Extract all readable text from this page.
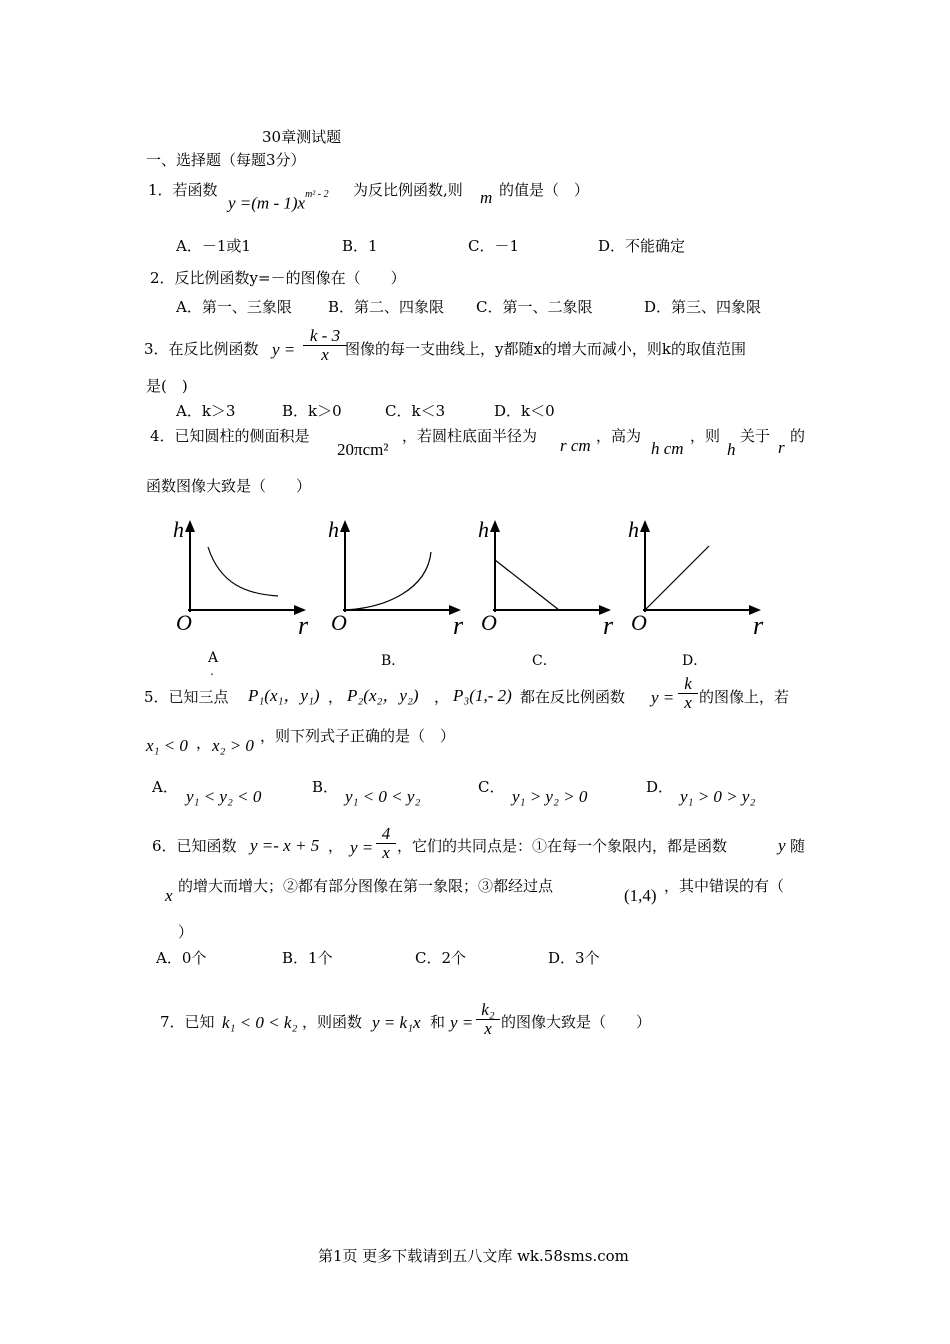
30章测试题
一、选择题（每题3分）
1．若函数
$y =(m - 1)x^{m^2 - 2}$ 为反比例函数,则 m 的值是（　）
A．－1或1	B．1	C．－1	D．不能确定
2．反比例函数y=－的图像在（　　）
A．第一、三象限 B．第二、四象限 C．第一、二象限	D．第三、四象限
3．在反比例函数 $y = \frac{k - 3}{x}$
图像的每一支曲线上，y都随x的增大而减小，则k的取值范围
是(　)
A．k＞3	B．k＞0	C．k＜3	D．k＜0
4．已知圆柱的侧面积是
20πcm²
，若圆柱底面半径为 r cm ，高为
h cm
，则
h
关于
r
的
函数图像大致是（　　）
h
O	r
h
O	r
h
O	r
h
O	r
A
.
B．	C．	D．
5．已知三点 P₁(x₁，y₁) ， P₂(x₂，y₂) ， P₃(1,- 2) 都在反比例函数 $y = \frac{k}{x}$ 的图像上，若
x₁ < 0 ， x₂ > 0 ，则下列式子正确的是（　）
A． y₁ < y₂ < 0	B． y₁ < 0 < y₂	C． y₁ > y₂ > 0	D． y₁ > 0 > y₂
6．已知函数 y =- x + 5 ， $y = \frac{4}{x}$ ，它们的共同点是：①在每一个象限内，都是函数	y 随
x 的增大而增大；②都有部分图像在第一象限；③都经过点	(1,4) ，其中错误的有（
）
A．0个	B．1个	C．2个	D．3个
7．已知 k₁ < 0 < k₂ ，则函数 y = k₁x 和 $y = \frac{\text{k₂}}{x}$ 的图像大致是（　　）
第1页 更多下载请到五八文库 wk.58sms.com
